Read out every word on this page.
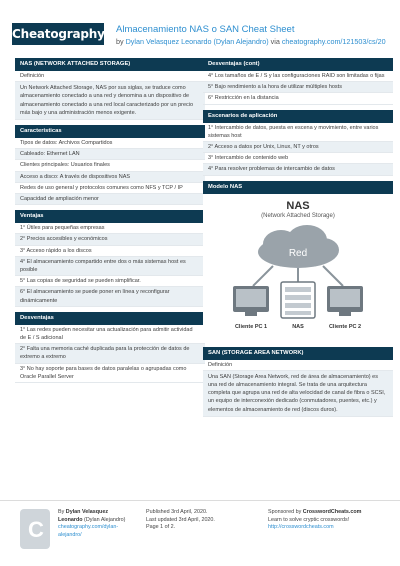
Cheatography Almacenamiento NAS o SAN Cheat Sheet
by Dylan Velasquez Leonardo (Dylan Alejandro) via cheatography.com/121503/cs/20
NAS (NETWORK ATTACHED STORAGE)
Definición
Un Network Attached Storage, NAS por sus siglas, se traduce como almacenamiento conectado a una red y denomina a un dispositivo de almacenamiento conectado a una red local caracterizado por un precio más bajo y una administración menos exigente.
Caracteristicas
Tipos de datos: Archivos Compartidos
Cableado: Ethernet LAN
Clientes principales: Usuarios finales
Acceso a disco: A través de dispositivos NAS
Redes de uso general y protocolos comunes como NFS y TCP / IP
Capacidad de ampliación menor
Ventajas
1° Útiles para pequeñas empresas
2° Precios accesibles y económicos
3° Acceso rápido a los discos
4° El almacenamiento compartido entre dos o más sistemas host es posible
5° Las copias de seguridad se pueden simplificar.
6° El almacenamiento se puede poner en línea y reconfigurar dinámicamente
Desventajas
1° Las redes pueden necesitar una actualización para admitir actividad de E / S adicional
2° Falta una memoria caché duplicada para la protección de datos de extremo a extremo
3° No hay soporte para bases de datos paralelas o agrupadas como Oracle Parallel Server
Desventajas (cont)
4° Los tamaños de E / S y las configuraciones RAID son limitadas o fijas
5° Bajo rendimiento a la hora de utilizar múltiples hosts
6° Restricción en la distancia
Escenarios de aplicación
1° Intercambio de datos, puesta en escena y movimiento, entre varios sistemas host
2° Acceso a datos por Unix, Linux, NT y otros
3° Intercambio de contenido web
4° Para resolver problemas de intercambio de datos
Modelo NAS
NAS
(Network Attached Storage)
Red
Cliente PC 1	NAS	Cliente PC 2
SAN (STORAGE AREA NETWORK)
Definición
Una SAN (Storage Area Network, red de área de almacenamiento) es una red de almacenamiento integral. Se trata de una arquitectura completa que agrupa una red de alta velocidad de canal de fibra o SCSI, un equipo de interconexión dedicado (conmutadores, puentes, etc.) y elementos de almacenamiento de red (discos duros).
C
By Dylan Velasquez
Leonardo (Dylan Alejandro)
cheatography.com/dylan-
alejandro/
Published 3rd April, 2020.
Last updated 3rd April, 2020.
Page 1 of 2.
Sponsored by CrosswordCheats.com
Learn to solve cryptic crosswords!
http://crosswordcheats.com
